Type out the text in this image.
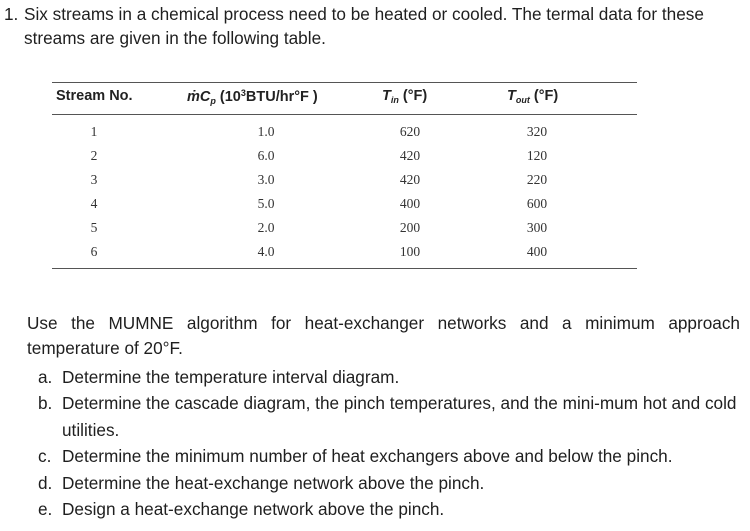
1. Six streams in a chemical process need to be heated or cooled. The termal data for these streams are given in the following table.
Stream No.	ṁC$_p$ ($10^3BTU/hr^\circ F$ )	$T_{in}$ (°F)	$T_{out}$ (°F)
1	1.0	620	320
2	6.0	420	120
3	3.0	420	220
4	5.0	400	600
5	2.0	200	300
6	4.0	100	400
Use the MUMNE algorithm for heat-exchanger networks and a minimum approach temperature of 20°F.
a. Determine the temperature interval diagram.
b. Determine the cascade diagram, the pinch temperatures, and the mini-mum hot and cold utilities.
c. Determine the minimum number of heat exchangers above and below the pinch.
d. Determine the heat-exchange network above the pinch.
e. Design a heat-exchange network above the pinch.
